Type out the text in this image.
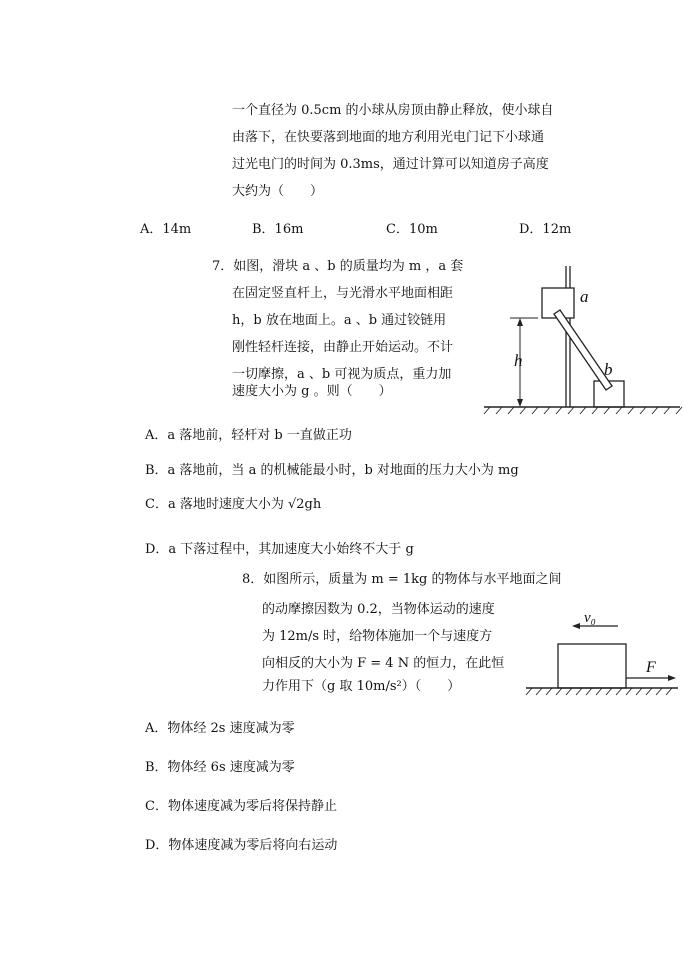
一个直径为 0.5cm 的小球从房顶由静止释放，使小球自
由落下，在快要落到地面的地方利用光电门记下小球通
过光电门的时间为 0.3ms，通过计算可以知道房子高度
大约为（　　）
A．14m	B．16m	C．10m	D．12m
7．如图，滑块 a 、b 的质量均为 m ，a 套
在固定竖直杆上，与光滑水平地面相距
h，b 放在地面上。a 、b 通过铰链用
刚性轻杆连接，由静止开始运动。不计
一切摩擦，a 、b 可视为质点，重力加
速度大小为 g 。则（　　）
h
a
b
A．a 落地前，轻杆对 b 一直做正功
B．a 落地前，当 a 的机械能最小时，b 对地面的压力大小为 mg
C．a 落地时速度大小为 √2gh
D．a 下落过程中，其加速度大小始终不大于 g
8．如图所示，质量为 m = 1kg 的物体与水平地面之间
的动摩擦因数为 0.2，当物体运动的速度
为 12m/s 时，给物体施加一个与速度方
向相反的大小为 F = 4 N 的恒力，在此恒
力作用下（g 取 10m/s²）（　　）
v₀
F
A．物体经 2s 速度减为零
B．物体经 6s 速度减为零
C．物体速度减为零后将保持静止
D．物体速度减为零后将向右运动
